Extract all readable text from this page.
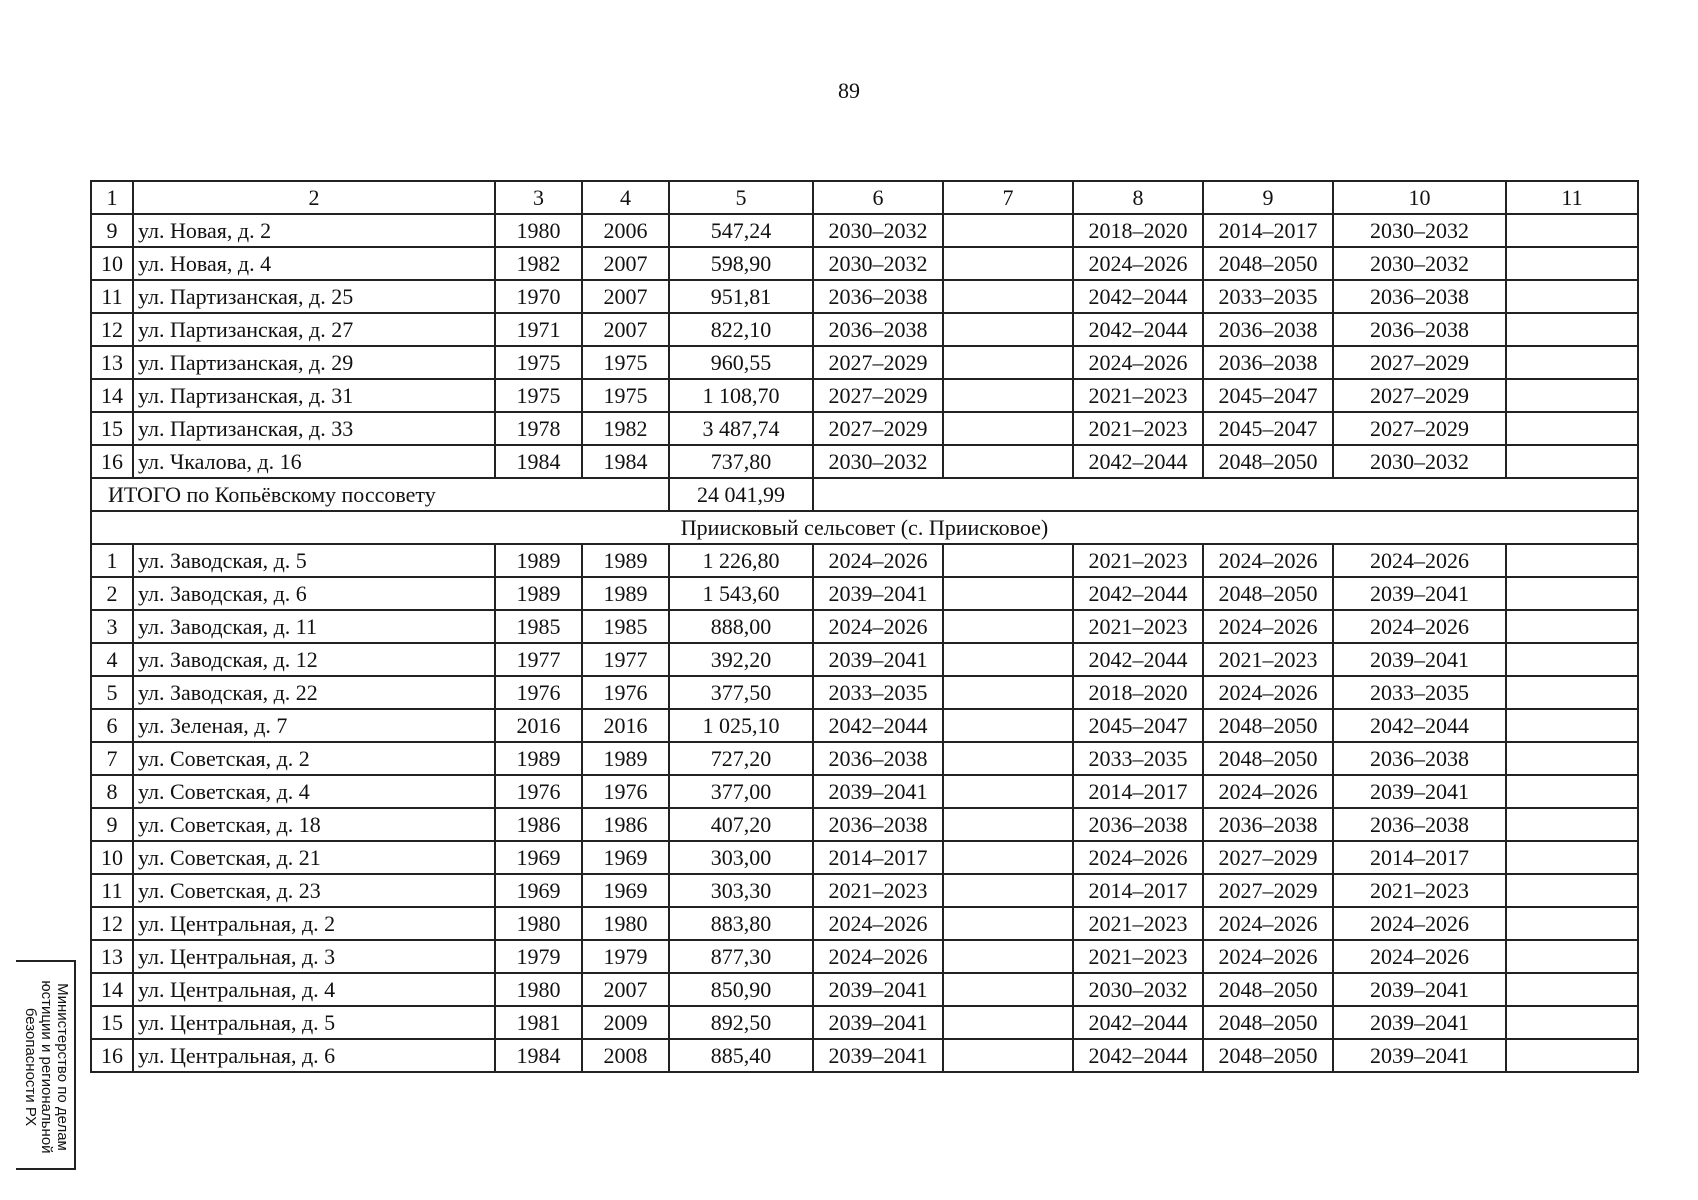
89
1	2	3	4	5	6	7	8	9	10	11
9	ул. Новая, д. 2	1980	2006	547,24	2030–2032		2018–2020	2014–2017	2030–2032	
10	ул. Новая, д. 4	1982	2007	598,90	2030–2032		2024–2026	2048–2050	2030–2032	
11	ул. Партизанская, д. 25	1970	2007	951,81	2036–2038		2042–2044	2033–2035	2036–2038	
12	ул. Партизанская, д. 27	1971	2007	822,10	2036–2038		2042–2044	2036–2038	2036–2038	
13	ул. Партизанская, д. 29	1975	1975	960,55	2027–2029		2024–2026	2036–2038	2027–2029	
14	ул. Партизанская, д. 31	1975	1975	1 108,70	2027–2029		2021–2023	2045–2047	2027–2029	
15	ул. Партизанская, д. 33	1978	1982	3 487,74	2027–2029		2021–2023	2045–2047	2027–2029	
16	ул. Чкалова, д. 16	1984	1984	737,80	2030–2032		2042–2044	2048–2050	2030–2032	
ИТОГО по Копьёвскому поссовету				24 041,99						
Приисковый сельсовет (с. Приисковое)										
1	ул. Заводская, д. 5	1989	1989	1 226,80	2024–2026		2021–2023	2024–2026	2024–2026	
2	ул. Заводская, д. 6	1989	1989	1 543,60	2039–2041		2042–2044	2048–2050	2039–2041	
3	ул. Заводская, д. 11	1985	1985	888,00	2024–2026		2021–2023	2024–2026	2024–2026	
4	ул. Заводская, д. 12	1977	1977	392,20	2039–2041		2042–2044	2021–2023	2039–2041	
5	ул. Заводская, д. 22	1976	1976	377,50	2033–2035		2018–2020	2024–2026	2033–2035	
6	ул. Зеленая, д. 7	2016	2016	1 025,10	2042–2044		2045–2047	2048–2050	2042–2044	
7	ул. Советская, д. 2	1989	1989	727,20	2036–2038		2033–2035	2048–2050	2036–2038	
8	ул. Советская, д. 4	1976	1976	377,00	2039–2041		2014–2017	2024–2026	2039–2041	
9	ул. Советская, д. 18	1986	1986	407,20	2036–2038		2036–2038	2036–2038	2036–2038	
10	ул. Советская, д. 21	1969	1969	303,00	2014–2017		2024–2026	2027–2029	2014–2017	
11	ул. Советская, д. 23	1969	1969	303,30	2021–2023		2014–2017	2027–2029	2021–2023	
12	ул. Центральная, д. 2	1980	1980	883,80	2024–2026		2021–2023	2024–2026	2024–2026	
13	ул. Центральная, д. 3	1979	1979	877,30	2024–2026		2021–2023	2024–2026	2024–2026	
14	ул. Центральная, д. 4	1980	2007	850,90	2039–2041		2030–2032	2048–2050	2039–2041	
15	ул. Центральная, д. 5	1981	2009	892,50	2039–2041		2042–2044	2048–2050	2039–2041	
16	ул. Центральная, д. 6	1984	2008	885,40	2039–2041		2042–2044	2048–2050	2039–2041	
Министерство по делам
юстиции и региональной
безопасности РХ
